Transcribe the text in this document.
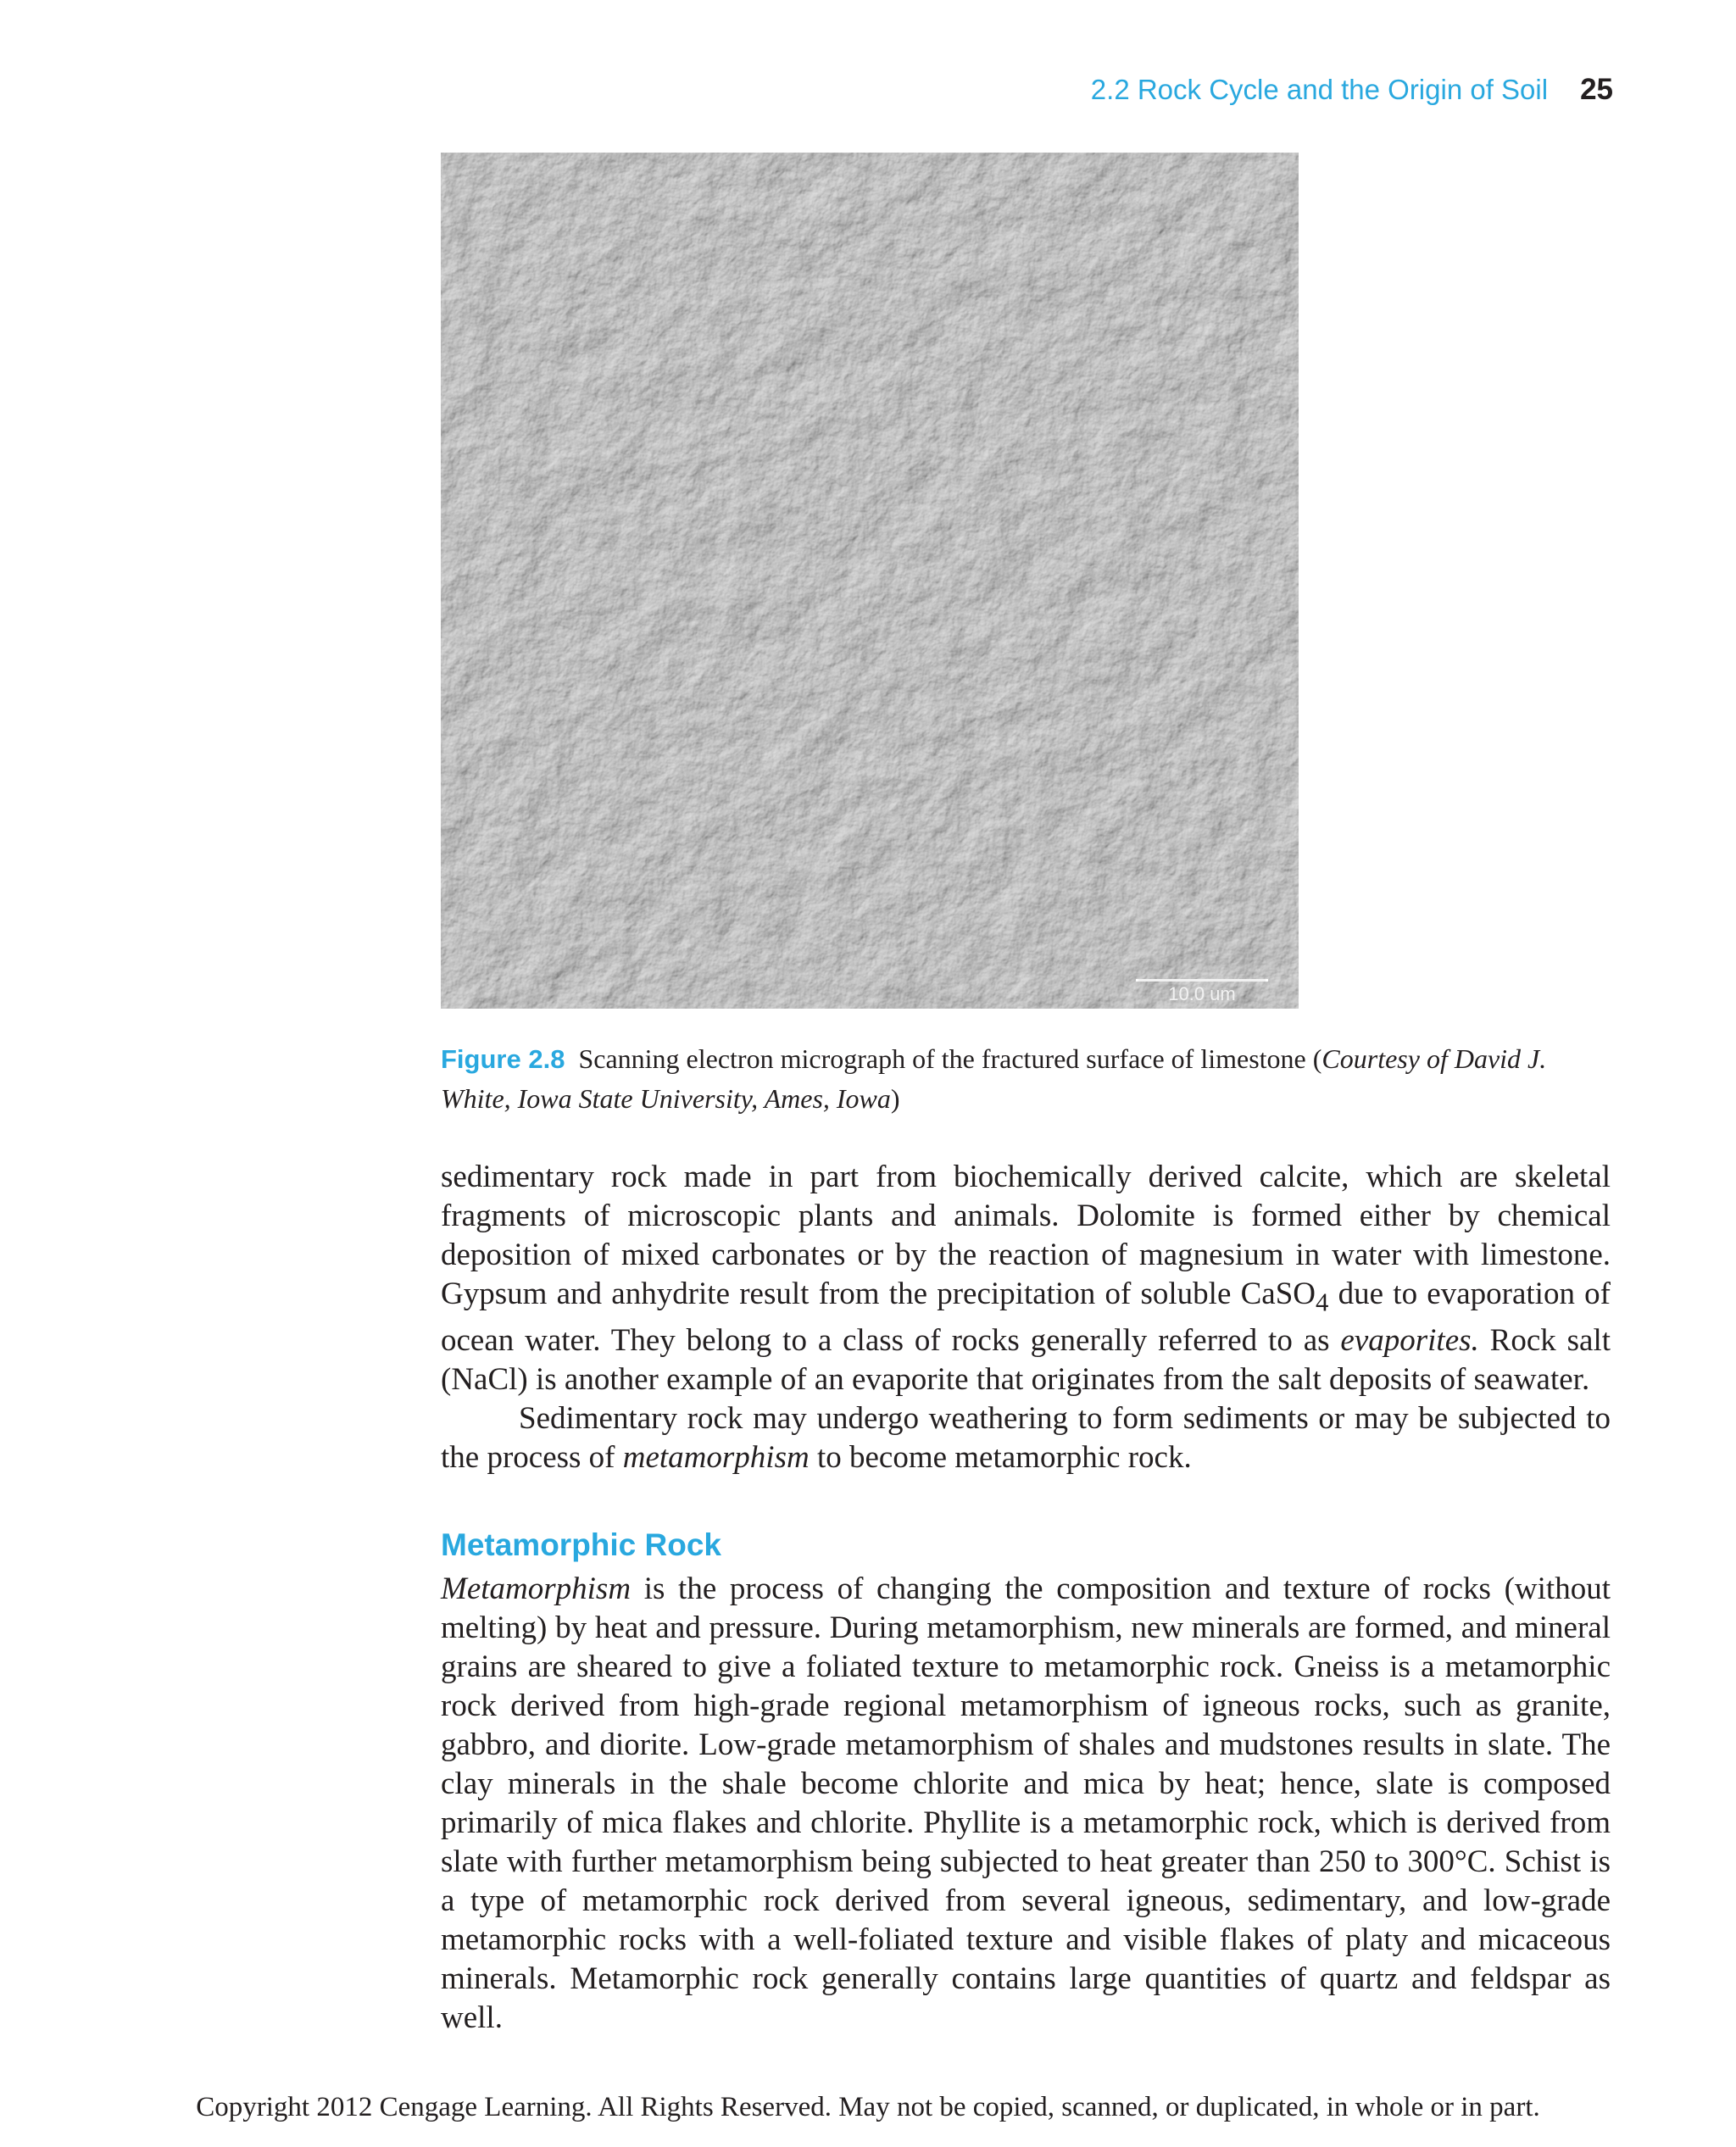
2.2 Rock Cycle and the Origin of Soil 25
10.0 um
Figure 2.8 Scanning electron micrograph of the fractured surface of limestone (Courtesy of David J. White, Iowa State University, Ames, Iowa)

sedimentary rock made in part from biochemically derived calcite, which are skeletal fragments of microscopic plants and animals. Dolomite is formed either by chemical deposition of mixed carbonates or by the reaction of magnesium in water with limestone. Gypsum and anhydrite result from the precipitation of soluble CaSO$_4$ due to evaporation of ocean water. They belong to a class of rocks generally referred to as evaporites. Rock salt (NaCl) is another example of an evaporite that originates from the salt deposits of seawater.

Sedimentary rock may undergo weathering to form sediments or may be subjected to the process of metamorphism to become metamorphic rock.

Metamorphic Rock

Metamorphism is the process of changing the composition and texture of rocks (without melting) by heat and pressure. During metamorphism, new minerals are formed, and mineral grains are sheared to give a foliated texture to metamorphic rock. Gneiss is a metamorphic rock derived from high-grade regional metamorphism of igneous rocks, such as granite, gabbro, and diorite. Low-grade metamorphism of shales and mudstones results in slate. The clay minerals in the shale become chlorite and mica by heat; hence, slate is composed primarily of mica flakes and chlorite. Phyllite is a metamorphic rock, which is derived from slate with further metamorphism being subjected to heat greater than 250 to 300°C. Schist is a type of metamorphic rock derived from several igneous, sedimentary, and low-grade metamorphic rocks with a well-foliated texture and visible flakes of platy and micaceous minerals. Metamorphic rock generally contains large quantities of quartz and feldspar as well.

Copyright 2012 Cengage Learning. All Rights Reserved. May not be copied, scanned, or duplicated, in whole or in part.
